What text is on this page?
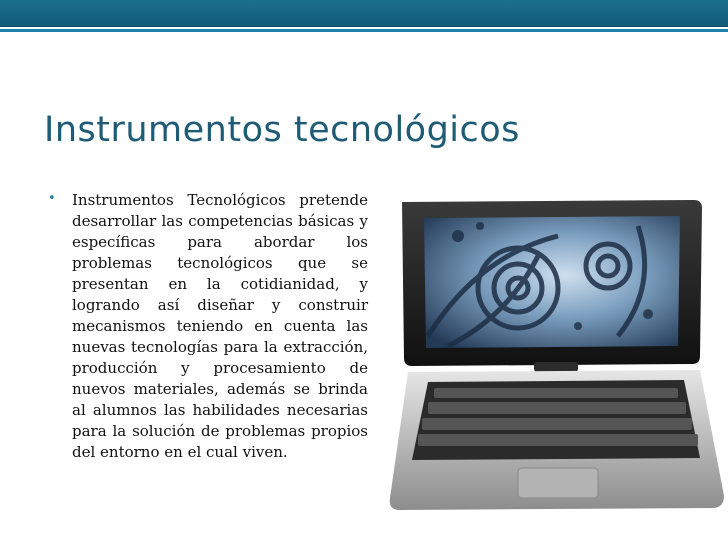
Instrumentos tecnológicos
• Instrumentos Tecnológicos pretende desarrollar las competencias básicas y específicas para abordar los problemas tecnológicos que se presentan en la cotidianidad, y logrando así diseñar y construir mecanismos teniendo en cuenta las nuevas tecnologías para la extracción, producción y procesamiento de nuevos materiales, además se brinda al alumnos las habilidades necesarias para la solución de problemas propios del entorno en el cual viven.
